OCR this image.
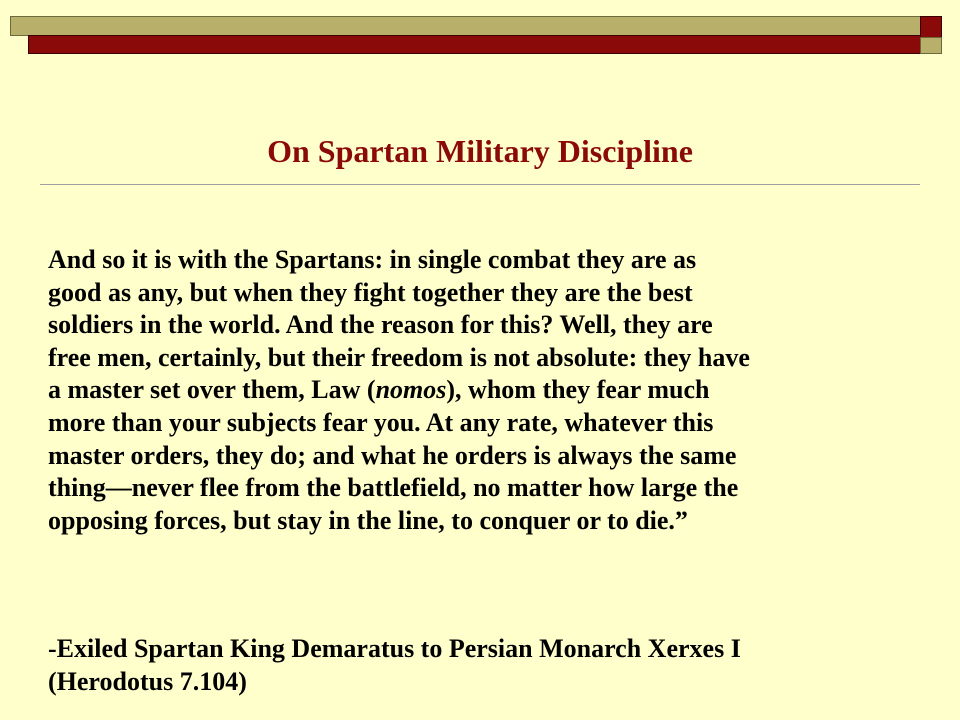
On Spartan Military Discipline

And so it is with the Spartans: in single combat they are as
good as any, but when they fight together they are the best
soldiers in the world. And the reason for this? Well, they are
free men, certainly, but their freedom is not absolute: they have
a master set over them, Law (nomos), whom they fear much
more than your subjects fear you. At any rate, whatever this
master orders, they do; and what he orders is always the same
thing—never flee from the battlefield, no matter how large the
opposing forces, but stay in the line, to conquer or to die.”

-Exiled Spartan King Demaratus to Persian Monarch Xerxes I
(Herodotus 7.104)
